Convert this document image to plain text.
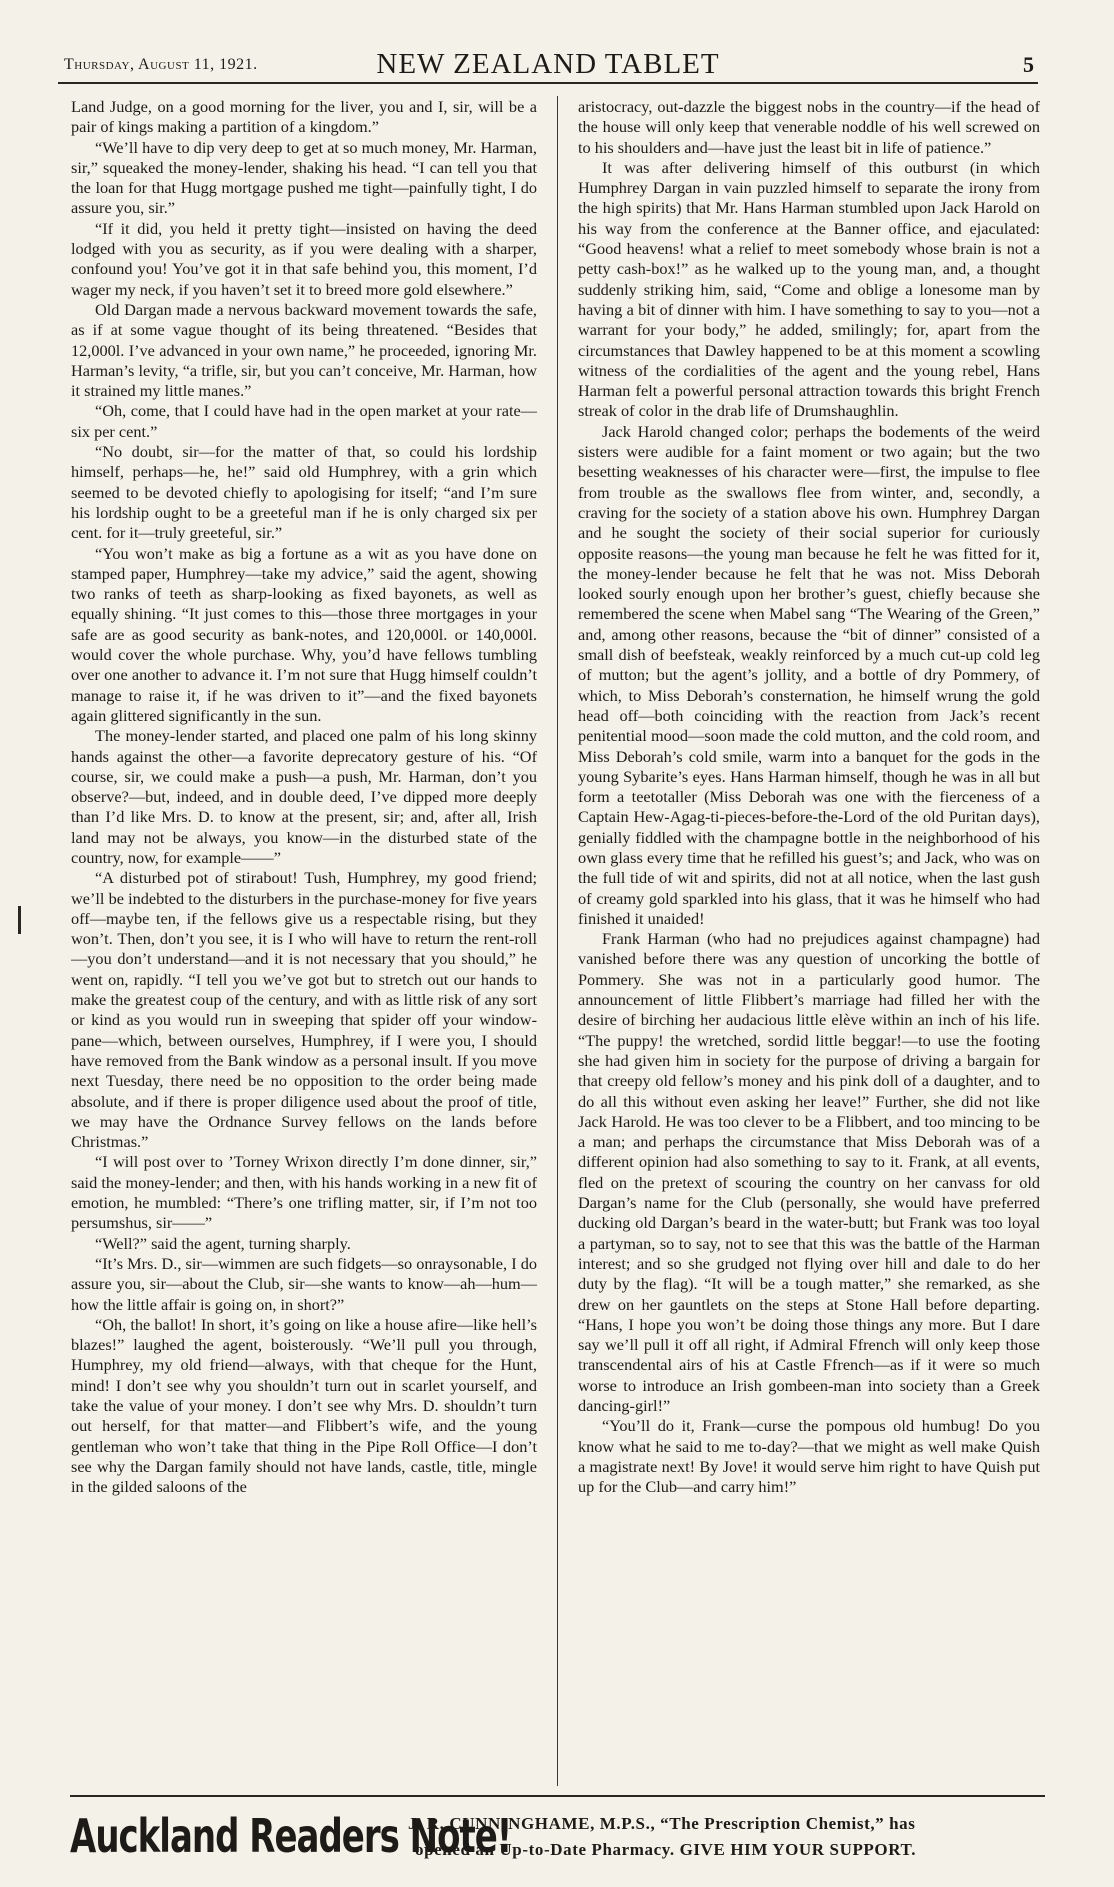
Thursday, August 11, 1921.	NEW ZEALAND TABLET	5

Land Judge, on a good morning for the liver, you and I, sir, will be a pair of kings making a partition of a kingdom.”

“We’ll have to dip very deep to get at so much money, Mr. Harman, sir,” squeaked the money-lender, shaking his head. “I can tell you that the loan for that Hugg mortgage pushed me tight—painfully tight, I do assure you, sir.”

“If it did, you held it pretty tight—insisted on having the deed lodged with you as security, as if you were dealing with a sharper, confound you! You’ve got it in that safe behind you, this moment, I’d wager my neck, if you haven’t set it to breed more gold elsewhere.”

Old Dargan made a nervous backward movement towards the safe, as if at some vague thought of its being threatened. “Besides that 12,000l. I’ve advanced in your own name,” he proceeded, ignoring Mr. Harman’s levity, “a trifle, sir, but you can’t conceive, Mr. Harman, how it strained my little manes.”

“Oh, come, that I could have had in the open market at your rate—six per cent.”

“No doubt, sir—for the matter of that, so could his lordship himself, perhaps—he, he!” said old Humphrey, with a grin which seemed to be devoted chiefly to apologising for itself; “and I’m sure his lordship ought to be a greeteful man if he is only charged six per cent. for it—truly greeteful, sir.”

“You won’t make as big a fortune as a wit as you have done on stamped paper, Humphrey—take my advice,” said the agent, showing two ranks of teeth as sharp-looking as fixed bayonets, as well as equally shining. “It just comes to this—those three mortgages in your safe are as good security as bank-notes, and 120,000l. or 140,000l. would cover the whole purchase. Why, you’d have fellows tumbling over one another to advance it. I’m not sure that Hugg himself couldn’t manage to raise it, if he was driven to it”—and the fixed bayonets again glittered significantly in the sun.

The money-lender started, and placed one palm of his long skinny hands against the other—a favorite deprecatory gesture of his. “Of course, sir, we could make a push—a push, Mr. Harman, don’t you observe?—but, indeed, and in double deed, I’ve dipped more deeply than I’d like Mrs. D. to know at the present, sir; and, after all, Irish land may not be always, you know—in the disturbed state of the country, now, for example——”

“A disturbed pot of stirabout! Tush, Humphrey, my good friend; we’ll be indebted to the disturbers in the purchase-money for five years off—maybe ten, if the fellows give us a respectable rising, but they won’t. Then, don’t you see, it is I who will have to return the rent-roll—you don’t understand—and it is not necessary that you should,” he went on, rapidly. “I tell you we’ve got but to stretch out our hands to make the greatest coup of the century, and with as little risk of any sort or kind as you would run in sweeping that spider off your window-pane—which, between ourselves, Humphrey, if I were you, I should have removed from the Bank window as a personal insult. If you move next Tuesday, there need be no opposition to the order being made absolute, and if there is proper diligence used about the proof of title, we may have the Ordnance Survey fellows on the lands before Christmas.”

“I will post over to ’Torney Wrixon directly I’m done dinner, sir,” said the money-lender; and then, with his hands working in a new fit of emotion, he mumbled: “There’s one trifling matter, sir, if I’m not too persumshus, sir——”

“Well?” said the agent, turning sharply.

“It’s Mrs. D., sir—wimmen are such fidgets—so onraysonable, I do assure you, sir—about the Club, sir—she wants to know—ah—hum—how the little affair is going on, in short?”

“Oh, the ballot! In short, it’s going on like a house afire—like hell’s blazes!” laughed the agent, boisterously. “We’ll pull you through, Humphrey, my old friend—always, with that cheque for the Hunt, mind! I don’t see why you shouldn’t turn out in scarlet yourself, and take the value of your money. I don’t see why Mrs. D. shouldn’t turn out herself, for that matter—and Flibbert’s wife, and the young gentleman who won’t take that thing in the Pipe Roll Office—I don’t see why the Dargan family should not have lands, castle, title, mingle in the gilded saloons of the

aristocracy, out-dazzle the biggest nobs in the country—if the head of the house will only keep that venerable noddle of his well screwed on to his shoulders and—have just the least bit in life of patience.”

It was after delivering himself of this outburst (in which Humphrey Dargan in vain puzzled himself to separate the irony from the high spirits) that Mr. Hans Harman stumbled upon Jack Harold on his way from the conference at the Banner office, and ejaculated: “Good heavens! what a relief to meet somebody whose brain is not a petty cash-box!” as he walked up to the young man, and, a thought suddenly striking him, said, “Come and oblige a lonesome man by having a bit of dinner with him. I have something to say to you—not a warrant for your body,” he added, smilingly; for, apart from the circumstances that Dawley happened to be at this moment a scowling witness of the cordialities of the agent and the young rebel, Hans Harman felt a powerful personal attraction towards this bright French streak of color in the drab life of Drumshaughlin.

Jack Harold changed color; perhaps the bodements of the weird sisters were audible for a faint moment or two again; but the two besetting weaknesses of his character were—first, the impulse to flee from trouble as the swallows flee from winter, and, secondly, a craving for the society of a station above his own. Humphrey Dargan and he sought the society of their social superior for curiously opposite reasons—the young man because he felt he was fitted for it, the money-lender because he felt that he was not. Miss Deborah looked sourly enough upon her brother’s guest, chiefly because she remembered the scene when Mabel sang “The Wearing of the Green,” and, among other reasons, because the “bit of dinner” consisted of a small dish of beefsteak, weakly reinforced by a much cut-up cold leg of mutton; but the agent’s jollity, and a bottle of dry Pommery, of which, to Miss Deborah’s consternation, he himself wrung the gold head off—both coinciding with the reaction from Jack’s recent penitential mood—soon made the cold mutton, and the cold room, and Miss Deborah’s cold smile, warm into a banquet for the gods in the young Sybarite’s eyes. Hans Harman himself, though he was in all but form a teetotaller (Miss Deborah was one with the fierceness of a Captain Hew-Agag-ti-pieces-before-the-Lord of the old Puritan days), genially fiddled with the champagne bottle in the neighborhood of his own glass every time that he refilled his guest’s; and Jack, who was on the full tide of wit and spirits, did not at all notice, when the last gush of creamy gold sparkled into his glass, that it was he himself who had finished it unaided!

Frank Harman (who had no prejudices against champagne) had vanished before there was any question of uncorking the bottle of Pommery. She was not in a particularly good humor. The announcement of little Flibbert’s marriage had filled her with the desire of birching her audacious little elève within an inch of his life. “The puppy! the wretched, sordid little beggar!—to use the footing she had given him in society for the purpose of driving a bargain for that creepy old fellow’s money and his pink doll of a daughter, and to do all this without even asking her leave!” Further, she did not like Jack Harold. He was too clever to be a Flibbert, and too mincing to be a man; and perhaps the circumstance that Miss Deborah was of a different opinion had also something to say to it. Frank, at all events, fled on the pretext of scouring the country on her canvass for old Dargan’s name for the Club (personally, she would have preferred ducking old Dargan’s beard in the water-butt; but Frank was too loyal a partyman, so to say, not to see that this was the battle of the Harman interest; and so she grudged not flying over hill and dale to do her duty by the flag). “It will be a tough matter,” she remarked, as she drew on her gauntlets on the steps at Stone Hall before departing. “Hans, I hope you won’t be doing those things any more. But I dare say we’ll pull it off all right, if Admiral Ffrench will only keep those transcendental airs of his at Castle Ffrench—as if it were so much worse to introduce an Irish gombeen-man into society than a Greek dancing-girl!”

“You’ll do it, Frank—curse the pompous old humbug! Do you know what he said to me to-day?—that we might as well make Quish a magistrate next! By Jove! it would serve him right to have Quish put up for the Club—and carry him!”

Auckland Readers Note!
J. R. CUNNINGHAME, M.P.S., “The Prescription Chemist,” has
opened an Up-to-Date Pharmacy. GIVE HIM YOUR SUPPORT.
